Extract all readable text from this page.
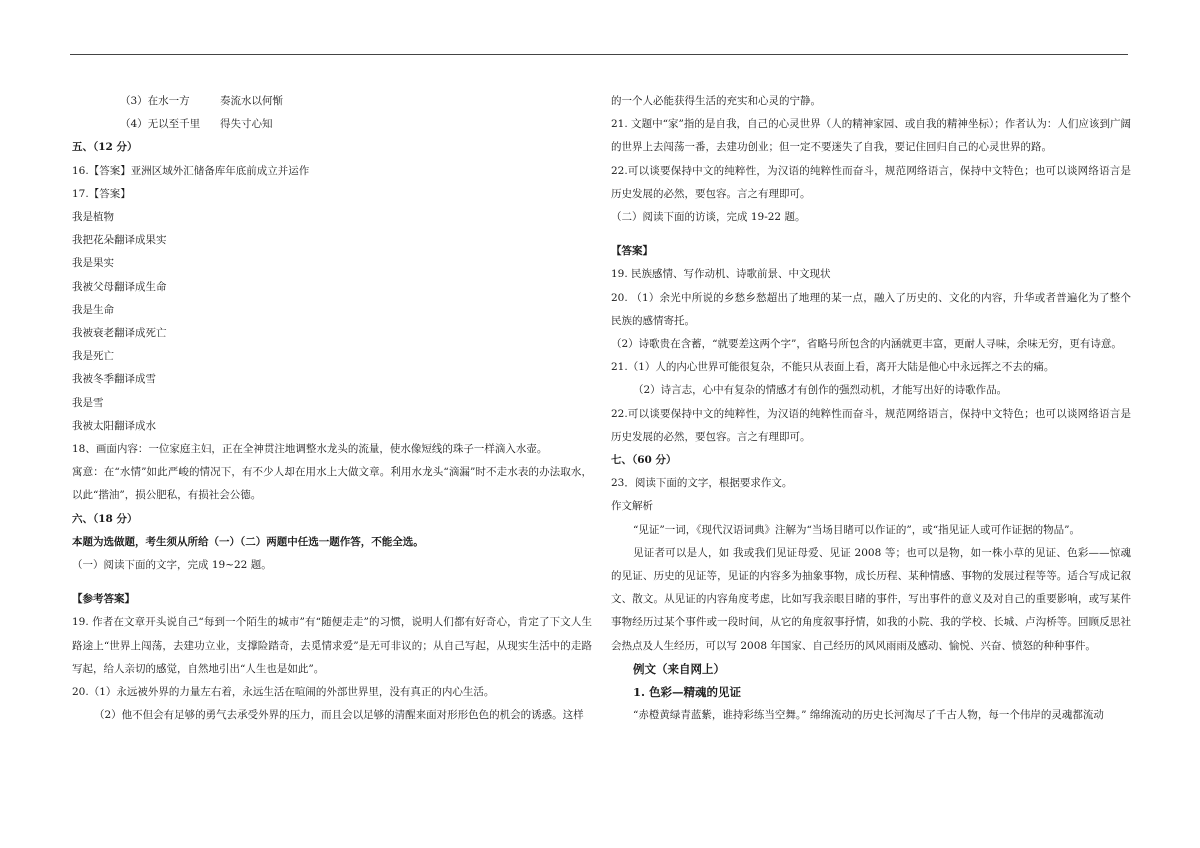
（3）在水一方	奏流水以何惭
（4）无以至千里 得失寸心知
五、（12 分）
16.【答案】亚洲区域外汇储备库年底前成立并运作
17.【答案】
我是植物
我把花朵翻译成果实
我是果实
我被父母翻译成生命
我是生命
我被衰老翻译成死亡
我是死亡
我被冬季翻译成雪
我是雪
我被太阳翻译成水
18、画面内容：一位家庭主妇，正在全神贯注地调整水龙头的流量，使水像短线的珠子一样滴入水壶。
寓意：在“水情”如此严峻的情况下，有不少人却在用水上大做文章。利用水龙头“滴漏”时不走水表的办法取水，以此“揩油”，损公肥私，有损社会公德。
六、（18 分）
本题为选做题，考生须从所给（一）（二）两题中任选一题作答，不能全选。
（一）阅读下面的文字，完成 19~22 题。
【参考答案】
19. 作者在文章开头说自己“每到一个陌生的城市”有“随便走走”的习惯，说明人们都有好奇心，肯定了下文人生路途上“世界上闯荡，去建功立业，支撑险踏奇，去觅情求爱”是无可非议的；从自己写起，从现实生活中的走路写起，给人亲切的感觉，自然地引出“人生也是如此”。
20.（1）永远被外界的力量左右着，永远生活在喧闹的外部世界里，没有真正的内心生活。
（2）他不但会有足够的勇气去承受外界的压力，而且会以足够的清醒来面对形形色色的机会的诱惑。这样
的一个人必能获得生活的充实和心灵的宁静。
21. 文题中“家”指的是自我，自己的心灵世界（人的精神家园、或自我的精神坐标）；作者认为：人们应该到广阔的世界上去闯荡一番，去建功创业；但一定不要迷失了自我，要记住回归自己的心灵世界的路。
22.可以谈要保持中文的纯粹性，为汉语的纯粹性而奋斗，规范网络语言，保持中文特色；也可以谈网络语言是历史发展的必然，要包容。言之有理即可。
（二）阅读下面的访谈，完成 19-22 题。
【答案】
19. 民族感情、写作动机、诗歌前景、中文现状
20. （1）余光中所说的乡愁乡愁超出了地理的某一点，融入了历史的、文化的内容，升华或者普遍化为了整个民族的感情寄托。
（2）诗歌贵在含蓄，“就要差这两个字”，省略号所包含的内涵就更丰富，更耐人寻味，余味无穷，更有诗意。
21.（1）人的内心世界可能很复杂，不能只从表面上看，离开大陆是他心中永远挥之不去的痛。
（2）诗言志，心中有复杂的情感才有创作的强烈动机，才能写出好的诗歌作品。
22.可以谈要保持中文的纯粹性，为汉语的纯粹性而奋斗，规范网络语言，保持中文特色；也可以谈网络语言是历史发展的必然，要包容。言之有理即可。
七、（60 分）
23．阅读下面的文字，根据要求作文。
作文解析
“见证”一词，《现代汉语词典》注解为“当场目睹可以作证的”，或“指见证人或可作证据的物品”。
见证者可以是人，如 我或我们见证母爱、见证 2008 等；也可以是物，如一株小草的见证、色彩——惊魂的见证、历史的见证等，见证的内容多为抽象事物，成长历程、某种情感、事物的发展过程等等。适合写成记叙文、散文。从见证的内容角度考虑，比如写我亲眼目睹的事件，写出事件的意义及对自己的重要影响，或写某件事物经历过某个事件或一段时间，从它的角度叙事抒情，如我的小院、我的学校、长城、卢沟桥等。回顾反思社会热点及人生经历，可以写 2008 年国家、自己经历的风风雨雨及感动、愉悦、兴奋、愤怒的种种事件。
例文（来自网上）
1. 色彩—精魂的见证
“赤橙黄绿青蓝紫，谁持彩练当空舞。” 绵绵流动的历史长河淘尽了千古人物，每一个伟岸的灵魂都流动
